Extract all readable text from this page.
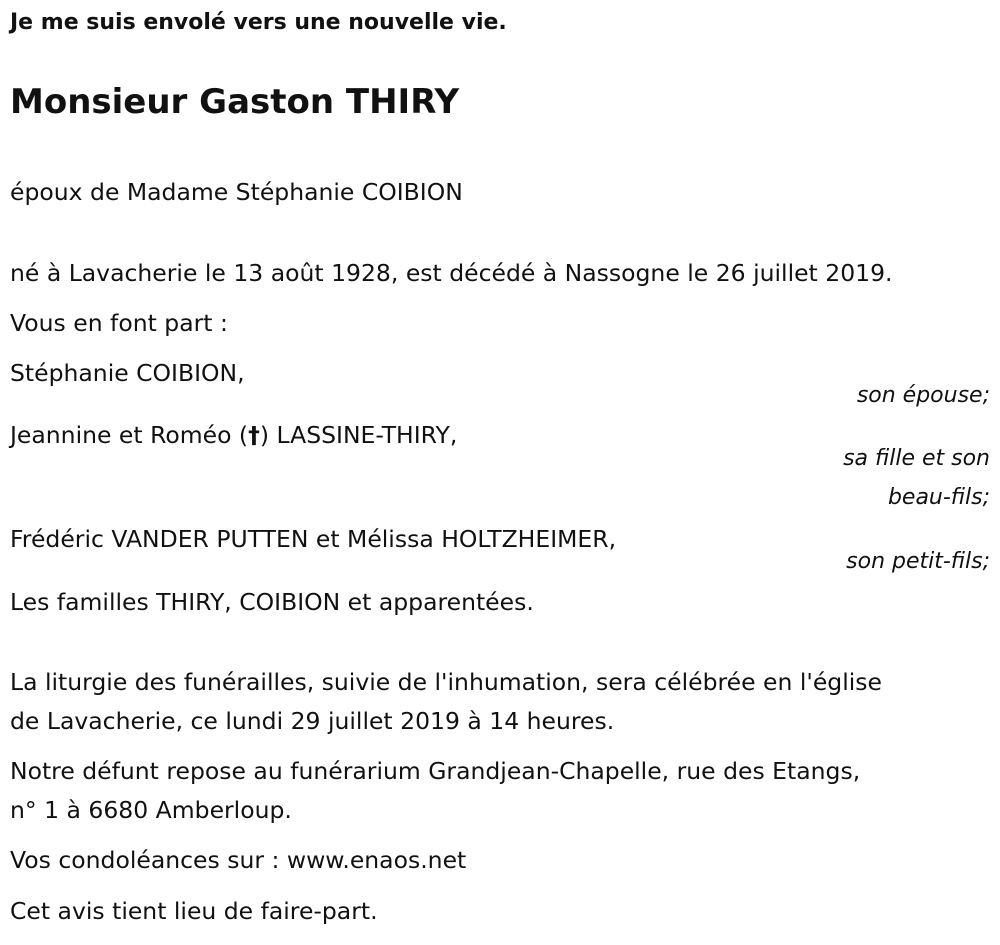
Je me suis envolé vers une nouvelle vie.
Monsieur Gaston THIRY
époux de Madame Stéphanie COIBION
né à Lavacherie le 13 août 1928, est décédé à Nassogne le 26 juillet 2019.
Vous en font part :
Stéphanie COIBION,
son épouse;
Jeannine et Roméo (†) LASSINE-THIRY,
sa fille et son
beau-fils;
Frédéric VANDER PUTTEN et Mélissa HOLTZHEIMER,
son petit-fils;
Les familles THIRY, COIBION et apparentées.
La liturgie des funérailles, suivie de l'inhumation, sera célébrée en l'église
de Lavacherie, ce lundi 29 juillet 2019 à 14 heures.
Notre défunt repose au funérarium Grandjean-Chapelle, rue des Etangs,
n° 1 à 6680 Amberloup.
Vos condoléances sur : www.enaos.net
Cet avis tient lieu de faire-part.
